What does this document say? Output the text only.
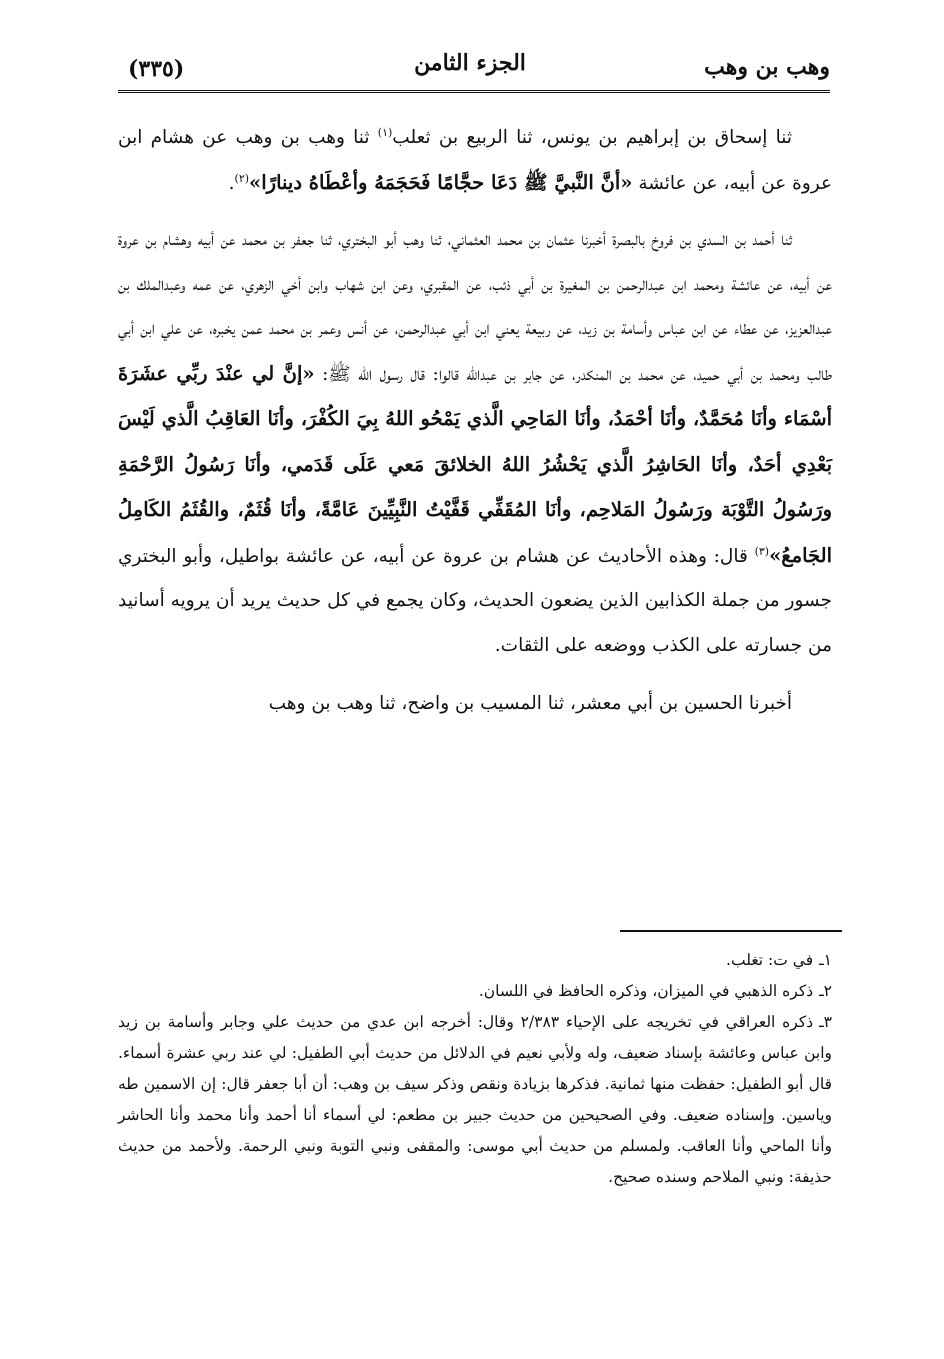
وهب بن وهب
الجزء الثامن
(٣٣٥)

ثنا إسحاق بن إبراهيم بن يونس، ثنا الربيع بن ثعلب$^{(١)}$ ثنا وهب بن وهب عن هشام ابن عروة عن أبيه، عن عائشة «أنَّ النَّبيَّ ﷺ دَعَا حجَّامًا فَحَجَمَهُ وأعْطَاهُ دينارًا»$^{(٢)}$.

ثنا أحمد بن السدي بن فروخ بالبصرة أخبرنا عثمان بن محمد العثماني، ثنا وهب أبو البختري، ثنا جعفر بن محمد عن أبيه وهشام بن عروة عن أبيه، عن عائشة ومحمد ابن عبدالرحمن بن المغيرة بن أبي ذئب، عن المقبري، وعن ابن شهاب وابن أخي الزهري، عن عمه وعبدالملك بن عبدالعزيز، عن عطاء عن ابن عباس وأسامة بن زيد، عن ربيعة يعني ابن أبي عبدالرحمن، عن أنس وعمر بن محمد عمن يخبره، عن علي ابن أبي طالب ومحمد بن أبي حميد، عن محمد بن المنكدر، عن جابر بن عبدالله قالوا: قال رسول الله ﷺ: «إنَّ لي عنْدَ ربِّي عشَرَةَ أسْمَاء وأنَا مُحَمَّدٌ، وأنَا أحْمَدُ، وأنَا المَاحِي الَّذي يَمْحُو اللهُ بِيَ الكُفْرَ، وأنَا العَاقِبُ الَّذي لَيْسَ بَعْدِي أحَدٌ، وأنَا الحَاشِرُ الَّذي يَحْشُرُ اللهُ الخلائقَ مَعي عَلَى قَدَمي، وأنَا رَسُولُ الرَّحْمَةِ ورَسُولُ التَّوْبَة ورَسُولُ المَلاحِم، وأنَا المُقَفِّي قَفَّيْتُ النَّبِيِّينَ عَامَّةً، وأنَا قُثَمٌ، والقُثَمُ الكَامِلُ الجَامعُ»$^{(٣)}$ قال: وهذه الأحاديث عن هشام بن عروة عن أبيه، عن عائشة بواطيل، وأبو البختري جسور من جملة الكذابين الذين يضعون الحديث، وكان يجمع في كل حديث يريد أن يرويه أسانيد من جسارته على الكذب ووضعه على الثقات.

أخبرنا الحسين بن أبي معشر، ثنا المسيب بن واضح، ثنا وهب بن وهب

١ـفي ت: تغلب.

٢ـذكره الذهبي في الميزان، وذكره الحافظ في اللسان.

٣ـذكره العراقي في تخريجه على الإحياء ٢/٣٨٣ وقال: أخرجه ابن عدي من حديث علي وجابر وأسامة بن زيد وابن عباس وعائشة بإسناد ضعيف، وله ولأبي نعيم في الدلائل من حديث أبي الطفيل: لي عند ربي عشرة أسماء. قال أبو الطفيل: حفظت منها ثمانية. فذكرها بزيادة ونقص وذكر سيف بن وهب: أن أبا جعفر قال: إن الاسمين طه وياسين. وإسناده ضعيف. وفي الصحيحين من حديث جبير بن مطعم: لي أسماء أنا أحمد وأنا محمد وأنا الحاشر وأنا الماحي وأنا العاقب. ولمسلم من حديث أبي موسى: والمقفى ونبي التوبة ونبي الرحمة. ولأحمد من حديث حذيفة: ونبي الملاحم وسنده صحيح.
